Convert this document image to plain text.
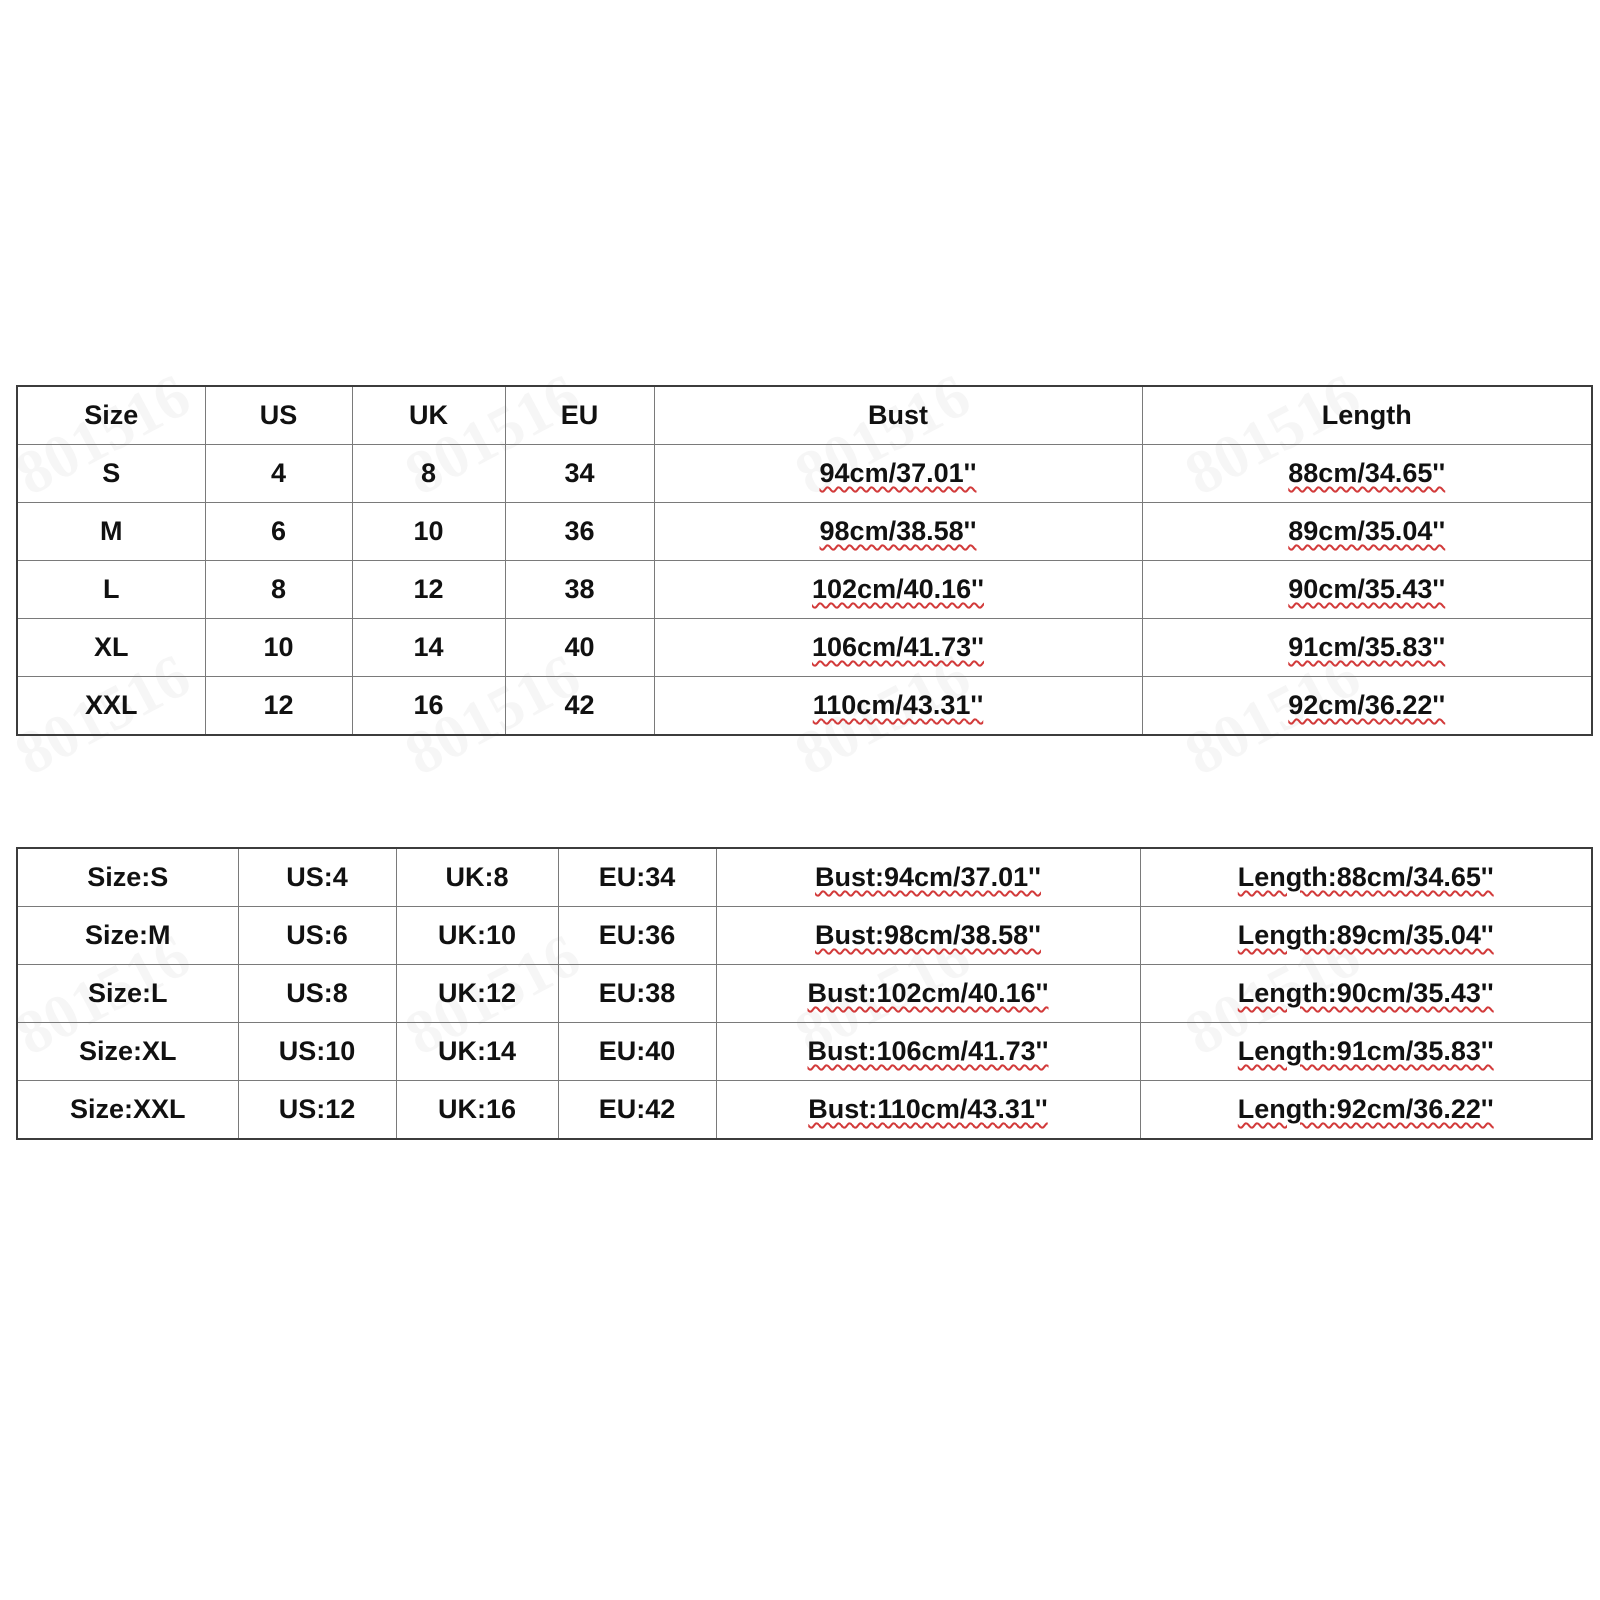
Size	US	UK	EU	Bust	Length
S	4	8	34	94cm/37.01''	88cm/34.65''
M	6	10	36	98cm/38.58''	89cm/35.04''
L	8	12	38	102cm/40.16''	90cm/35.43''
XL	10	14	40	106cm/41.73''	91cm/35.83''
XXL	12	16	42	110cm/43.31''	92cm/36.22''
Size:S	US:4	UK:8	EU:34	Bust:94cm/37.01''	Length:88cm/34.65''
Size:M	US:6	UK:10	EU:36	Bust:98cm/38.58''	Length:89cm/35.04''
Size:L	US:8	UK:12	EU:38	Bust:102cm/40.16''	Length:90cm/35.43''
Size:XL	US:10	UK:14	EU:40	Bust:106cm/41.73''	Length:91cm/35.83''
Size:XXL	US:12	UK:16	EU:42	Bust:110cm/43.31''	Length:92cm/36.22''
